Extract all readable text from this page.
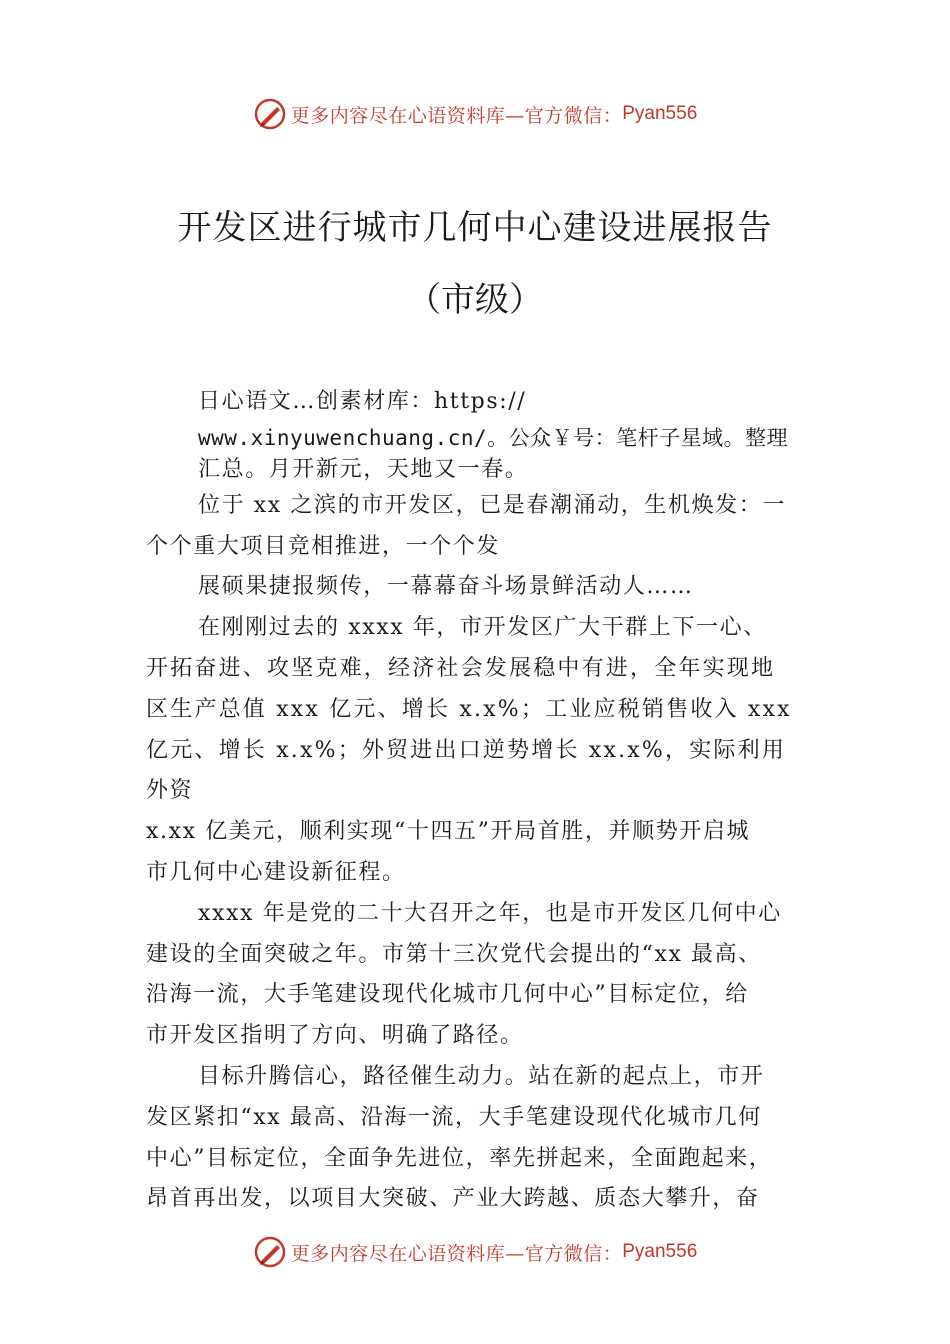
更多内容尽在心语资料库—官方微信： Pyan556
开发区进行城市几何中心建设进展报告
（市级）
日心语文…创素材库：https://
www.xinyuwenchuang.cn/。公众￥号：笔杆子星域。整理
汇总。月开新元，天地又一春。
位于 xx 之滨的市开发区，已是春潮涌动，生机焕发：一
个个重大项目竞相推进，一个个发
展硕果捷报频传，一幕幕奋斗场景鲜活动人……
在刚刚过去的 xxxx 年，市开发区广大干群上下一心、
开拓奋进、攻坚克难，经济社会发展稳中有进，全年实现地
区生产总值 xxx 亿元、增长 x.x%；工业应税销售收入 xxx
亿元、增长 x.x%；外贸进出口逆势增长 xx.x%，实际利用
外资
x.xx 亿美元，顺利实现“十四五”开局首胜，并顺势开启城
市几何中心建设新征程。
xxxx 年是党的二十大召开之年，也是市开发区几何中心
建设的全面突破之年。市第十三次党代会提出的“xx 最高、
沿海一流，大手笔建设现代化城市几何中心”目标定位，给
市开发区指明了方向、明确了路径。
目标升腾信心，路径催生动力。站在新的起点上，市开
发区紧扣“xx 最高、沿海一流，大手笔建设现代化城市几何
中心”目标定位，全面争先进位，率先拼起来，全面跑起来，
昂首再出发，以项目大突破、产业大跨越、质态大攀升，奋
更多内容尽在心语资料库—官方微信： Pyan556
